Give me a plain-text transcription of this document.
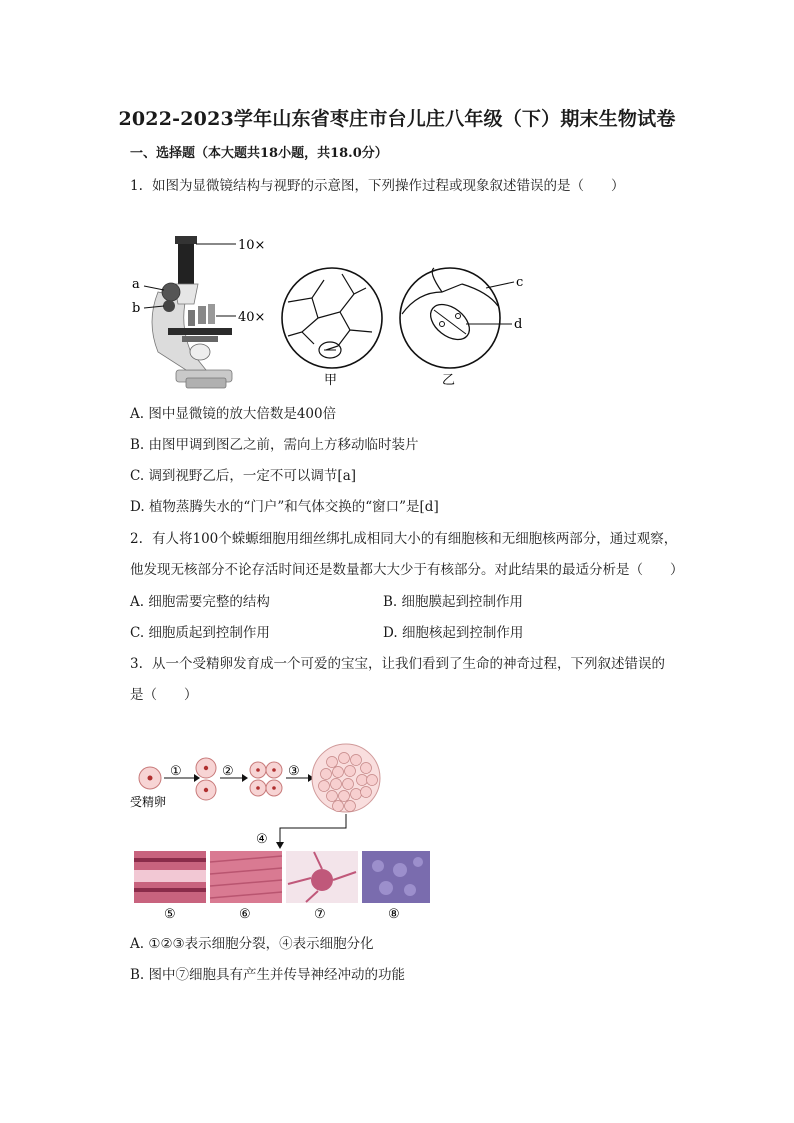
2022-2023学年山东省枣庄市台儿庄八年级（下）期末生物试卷
一、选择题（本大题共18小题，共18.0分）
1. 如图为显微镜结构与视野的示意图，下列操作过程或现象叙述错误的是（　　）
10×
a
b
40×
甲
c
d
乙
A. 图中显微镜的放大倍数是400倍
B. 由图甲调到图乙之前，需向上方移动临时装片
C. 调到视野乙后，一定不可以调节[a]
D. 植物蒸腾失水的“门户”和气体交换的“窗口”是[d]
2. 有人将100个蝾螈细胞用细丝绑扎成相同大小的有细胞核和无细胞核两部分，通过观察，
他发现无核部分不论存活时间还是数量都大大少于有核部分。对此结果的最适分析是（　　）
A. 细胞需要完整的结构	B. 细胞膜起到控制作用
C. 细胞质起到控制作用	D. 细胞核起到控制作用
3. 从一个受精卵发育成一个可爱的宝宝，让我们看到了生命的神奇过程，下列叙述错误的
是（　　）
受精卵
①	②	③
④
⑤	⑥	⑦	⑧
A. ①②③表示细胞分裂，④表示细胞分化
B. 图中⑦细胞具有产生并传导神经冲动的功能
